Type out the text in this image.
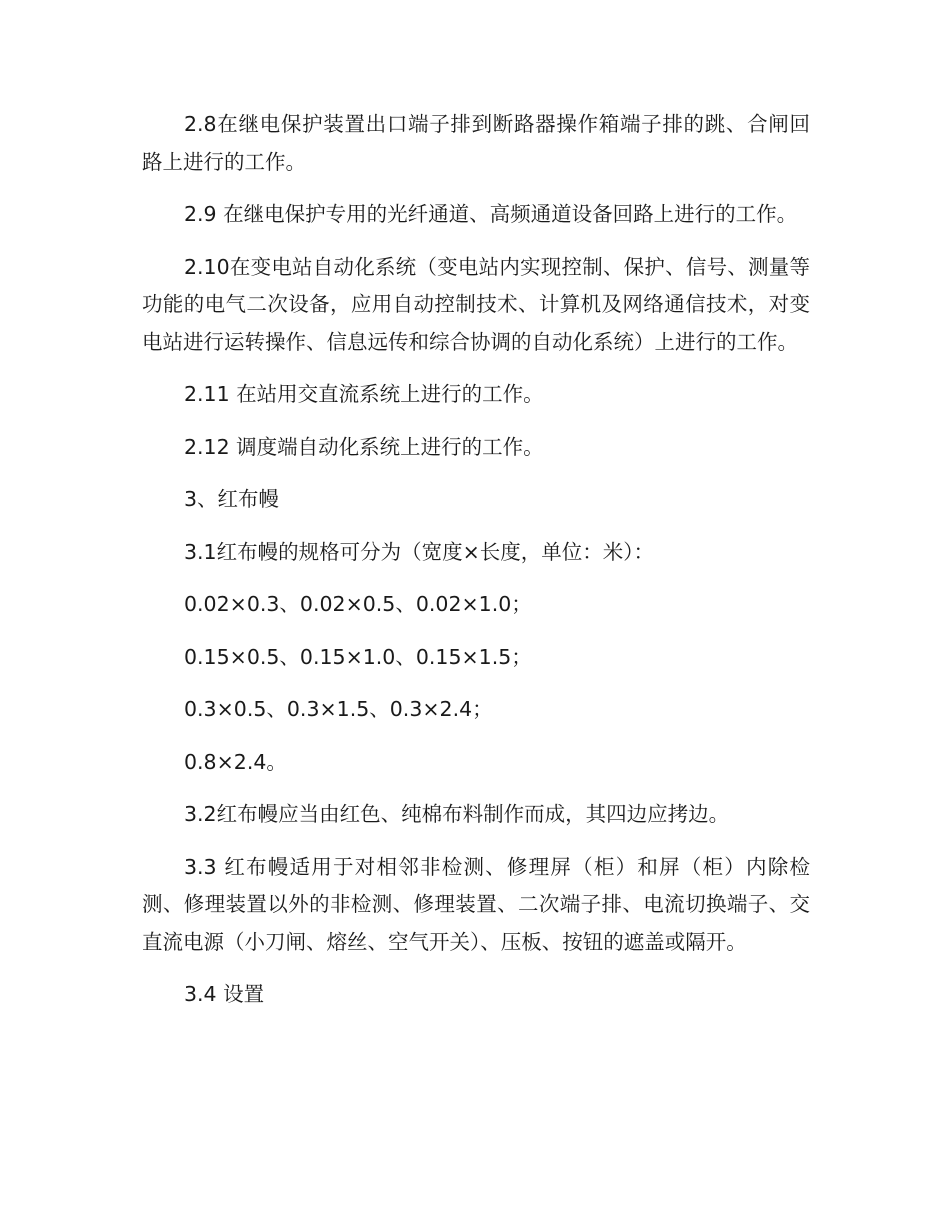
2.8在继电保护装置出口端子排到断路器操作箱端子排的跳、合闸回路上进行的工作。

2.9 在继电保护专用的光纤通道、高频通道设备回路上进行的工作。

2.10在变电站自动化系统（变电站内实现控制、保护、信号、测量等功能的电气二次设备，应用自动控制技术、计算机及网络通信技术，对变电站进行运转操作、信息远传和综合协调的自动化系统）上进行的工作。

2.11 在站用交直流系统上进行的工作。

2.12 调度端自动化系统上进行的工作。

3、红布幔

3.1红布幔的规格可分为（宽度×长度，单位：米）：

0.02×0.3、0.02×0.5、0.02×1.0；

0.15×0.5、0.15×1.0、0.15×1.5；

0.3×0.5、0.3×1.5、0.3×2.4；

0.8×2.4。

3.2红布幔应当由红色、纯棉布料制作而成，其四边应拷边。

3.3 红布幔适用于对相邻非检测、修理屏（柜）和屏（柜）内除检测、修理装置以外的非检测、修理装置、二次端子排、电流切换端子、交直流电源（小刀闸、熔丝、空气开关）、压板、按钮的遮盖或隔开。

3.4 设置
